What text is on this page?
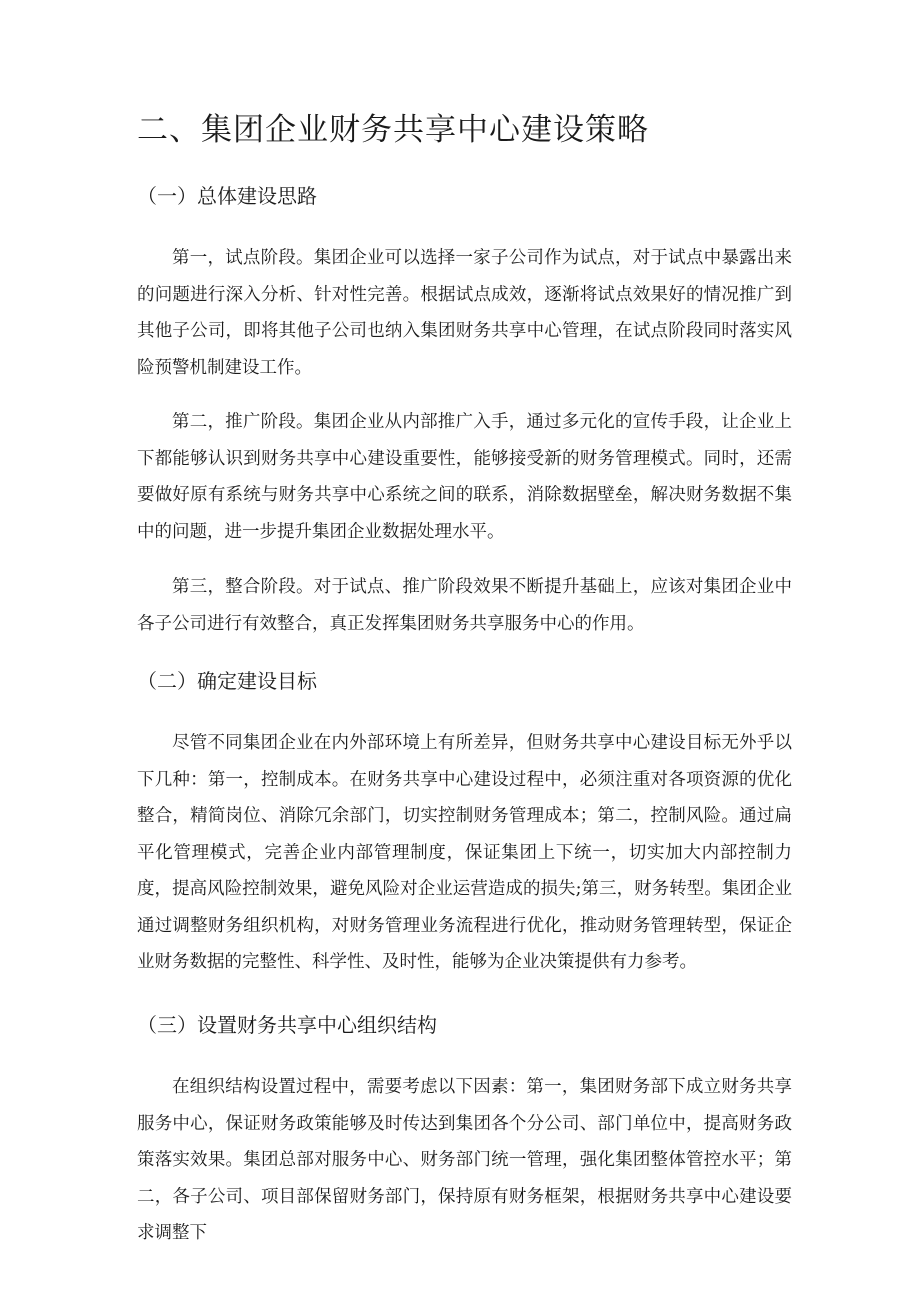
二、集团企业财务共享中心建设策略
（一）总体建设思路

第一，试点阶段。集团企业可以选择一家子公司作为试点，对于试点中暴露出来的问题进行深入分析、针对性完善。根据试点成效，逐渐将试点效果好的情况推广到其他子公司，即将其他子公司也纳入集团财务共享中心管理，在试点阶段同时落实风险预警机制建设工作。

第二，推广阶段。集团企业从内部推广入手，通过多元化的宣传手段，让企业上下都能够认识到财务共享中心建设重要性，能够接受新的财务管理模式。同时，还需要做好原有系统与财务共享中心系统之间的联系，消除数据壁垒，解决财务数据不集中的问题，进一步提升集团企业数据处理水平。

第三，整合阶段。对于试点、推广阶段效果不断提升基础上，应该对集团企业中各子公司进行有效整合，真正发挥集团财务共享服务中心的作用。

（二）确定建设目标

尽管不同集团企业在内外部环境上有所差异，但财务共享中心建设目标无外乎以下几种：第一，控制成本。在财务共享中心建设过程中，必须注重对各项资源的优化整合，精简岗位、消除冗余部门，切实控制财务管理成本；第二，控制风险。通过扁平化管理模式，完善企业内部管理制度，保证集团上下统一，切实加大内部控制力度，提高风险控制效果，避免风险对企业运营造成的损失;第三，财务转型。集团企业通过调整财务组织机构，对财务管理业务流程进行优化，推动财务管理转型，保证企业财务数据的完整性、科学性、及时性，能够为企业决策提供有力参考。

（三）设置财务共享中心组织结构

在组织结构设置过程中，需要考虑以下因素：第一，集团财务部下成立财务共享服务中心，保证财务政策能够及时传达到集团各个分公司、部门单位中，提高财务政策落实效果。集团总部对服务中心、财务部门统一管理，强化集团整体管控水平；第二，各子公司、项目部保留财务部门，保持原有财务框架，根据财务共享中心建设要求调整下
